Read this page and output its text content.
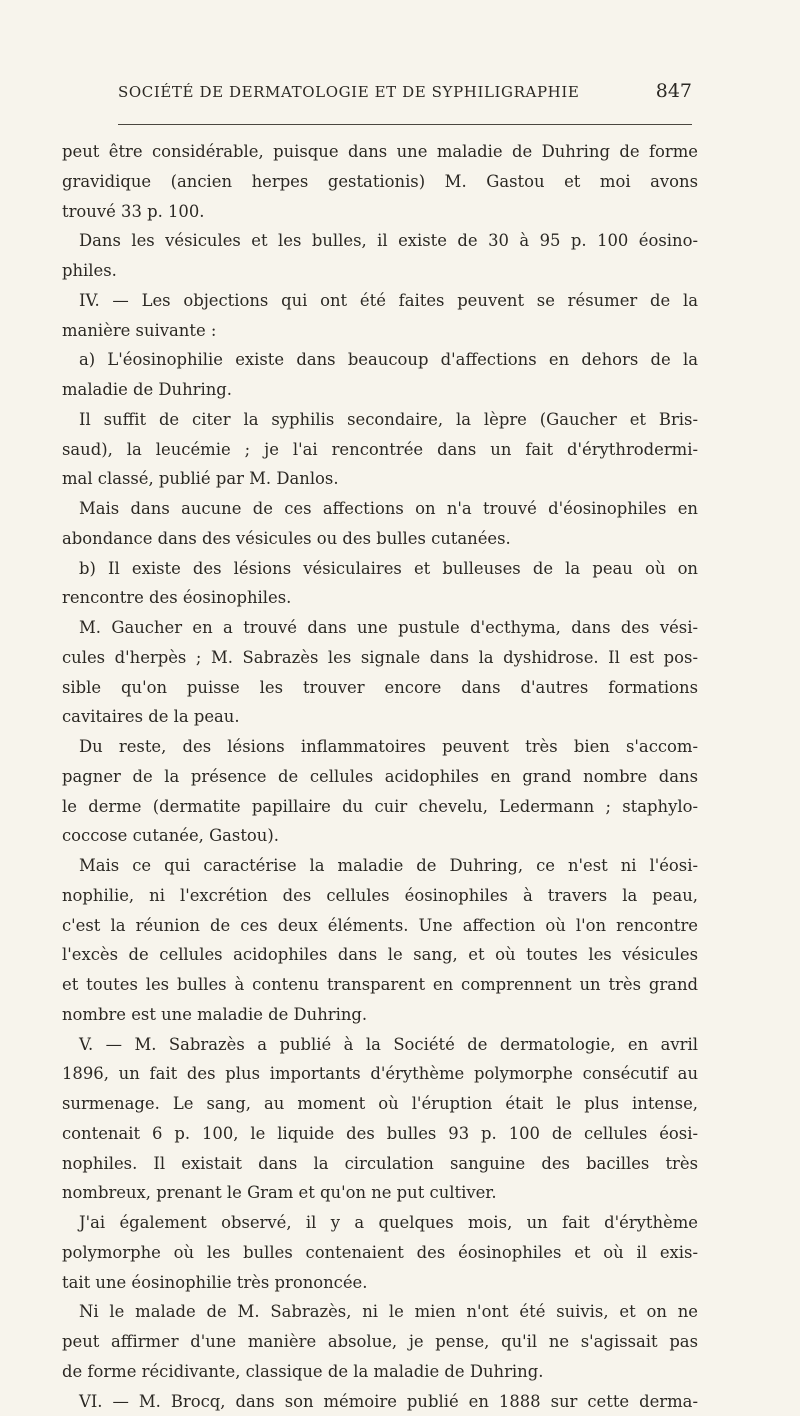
SOCIÉTÉ DE DERMATOLOGIE ET DE SYPHILIGRAPHIE	847
peut être considérable, puisque dans une maladie de Duhring de forme
gravidique (ancien herpes gestationis) M. Gastou et moi avons
trouvé 33 p. 100.
Dans les vésicules et les bulles, il existe de 30 à 95 p. 100 éosino-
philes.
IV. — Les objections qui ont été faites peuvent se résumer de la
manière suivante :
a) L'éosinophilie existe dans beaucoup d'affections en dehors de la
maladie de Duhring.
Il suffit de citer la syphilis secondaire, la lèpre (Gaucher et Bris-
saud), la leucémie ; je l'ai rencontrée dans un fait d'érythrodermi-
mal classé, publié par M. Danlos.
Mais dans aucune de ces affections on n'a trouvé d'éosinophiles en
abondance dans des vésicules ou des bulles cutanées.
b) Il existe des lésions vésiculaires et bulleuses de la peau où on
rencontre des éosinophiles.
M. Gaucher en a trouvé dans une pustule d'ecthyma, dans des vési-
cules d'herpès ; M. Sabrazès les signale dans la dyshidrose. Il est pos-
sible qu'on puisse les trouver encore dans d'autres formations
cavitaires de la peau.
Du reste, des lésions inflammatoires peuvent très bien s'accom-
pagner de la présence de cellules acidophiles en grand nombre dans
le derme (dermatite papillaire du cuir chevelu, Ledermann ; staphylo-
coccose cutanée, Gastou).
Mais ce qui caractérise la maladie de Duhring, ce n'est ni l'éosi-
nophilie, ni l'excrétion des cellules éosinophiles à travers la peau,
c'est la réunion de ces deux éléments. Une affection où l'on rencontre
l'excès de cellules acidophiles dans le sang, et où toutes les vésicules
et toutes les bulles à contenu transparent en comprennent un très grand
nombre est une maladie de Duhring.
V. — M. Sabrazès a publié à la Société de dermatologie, en avril
1896, un fait des plus importants d'érythème polymorphe consécutif au
surmenage. Le sang, au moment où l'éruption était le plus intense,
contenait 6 p. 100, le liquide des bulles 93 p. 100 de cellules éosi-
nophiles. Il existait dans la circulation sanguine des bacilles très
nombreux, prenant le Gram et qu'on ne put cultiver.
J'ai également observé, il y a quelques mois, un fait d'érythème
polymorphe où les bulles contenaient des éosinophiles et où il exis-
tait une éosinophilie très prononcée.
Ni le malade de M. Sabrazès, ni le mien n'ont été suivis, et on ne
peut affirmer d'une manière absolue, je pense, qu'il ne s'agissait pas
de forme récidivante, classique de la maladie de Duhring.
VI. — M. Brocq, dans son mémoire publié en 1888 sur cette derma-
